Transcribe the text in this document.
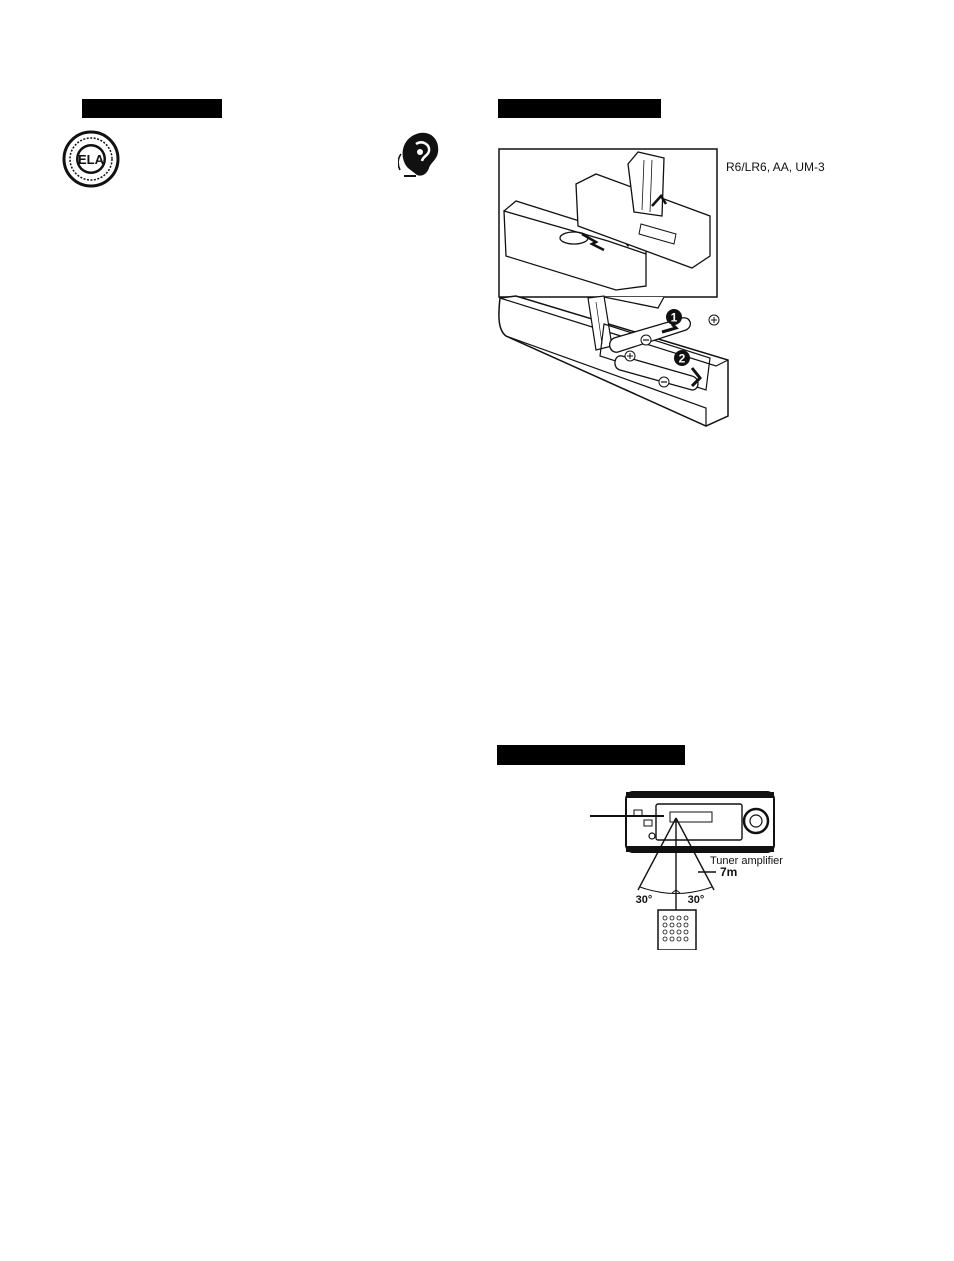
ELA
1
2
R6/LR6, AA, UM-3
30°	30°
7m
Tuner amplifier
